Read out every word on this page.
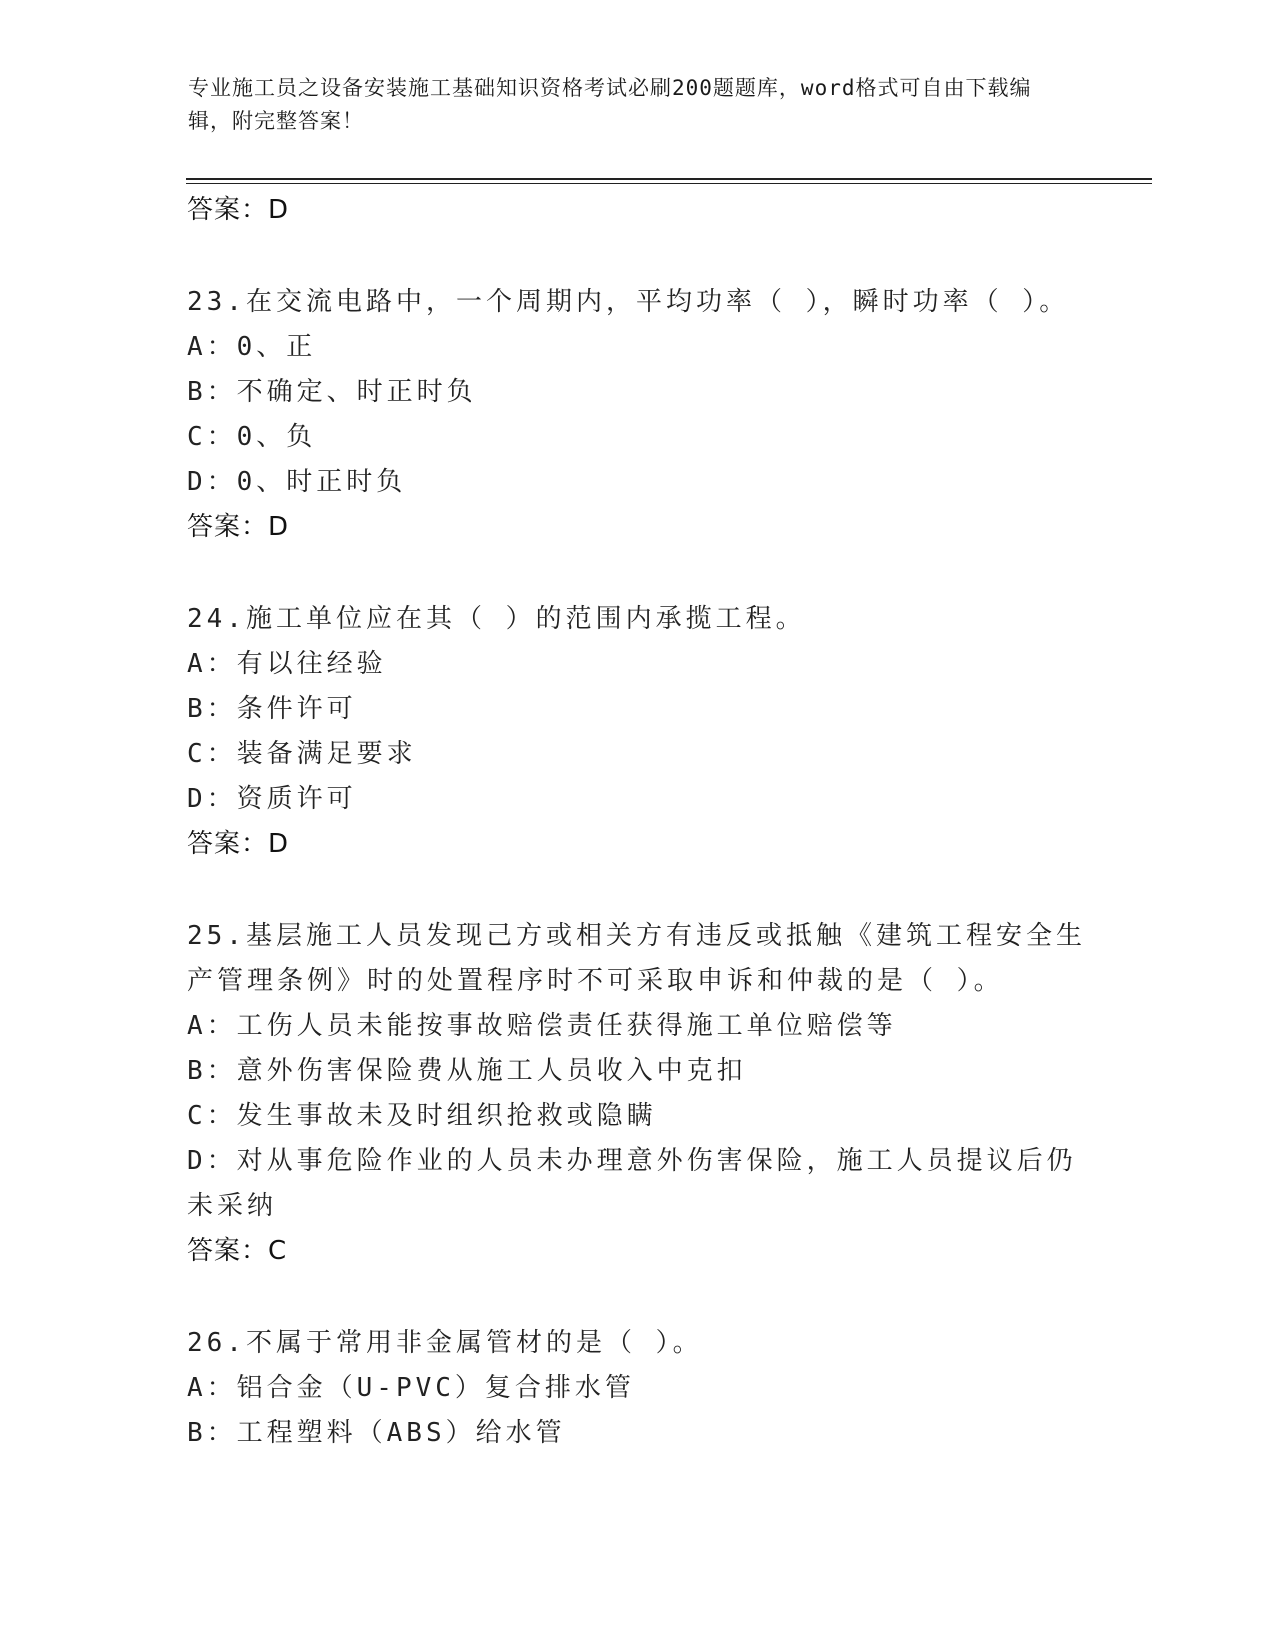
专业施工员之设备安装施工基础知识资格考试必刷200题题库，word格式可自由下载编辑，附完整答案！
答案：D
23.在交流电路中，一个周期内，平均功率（ ），瞬时功率（ ）。
A：0、正
B：不确定、时正时负
C：0、负
D：0、时正时负
答案：D
24.施工单位应在其（ ）的范围内承揽工程。
A：有以往经验
B：条件许可
C：装备满足要求
D：资质许可
答案：D
25.基层施工人员发现己方或相关方有违反或抵触《建筑工程安全生产管理条例》时的处置程序时不可采取申诉和仲裁的是（ ）。
A：工伤人员未能按事故赔偿责任获得施工单位赔偿等
B：意外伤害保险费从施工人员收入中克扣
C：发生事故未及时组织抢救或隐瞒
D：对从事危险作业的人员未办理意外伤害保险，施工人员提议后仍未采纳
答案：C
26.不属于常用非金属管材的是（ ）。
A：铝合金（U-PVC）复合排水管
B：工程塑料（ABS）给水管
